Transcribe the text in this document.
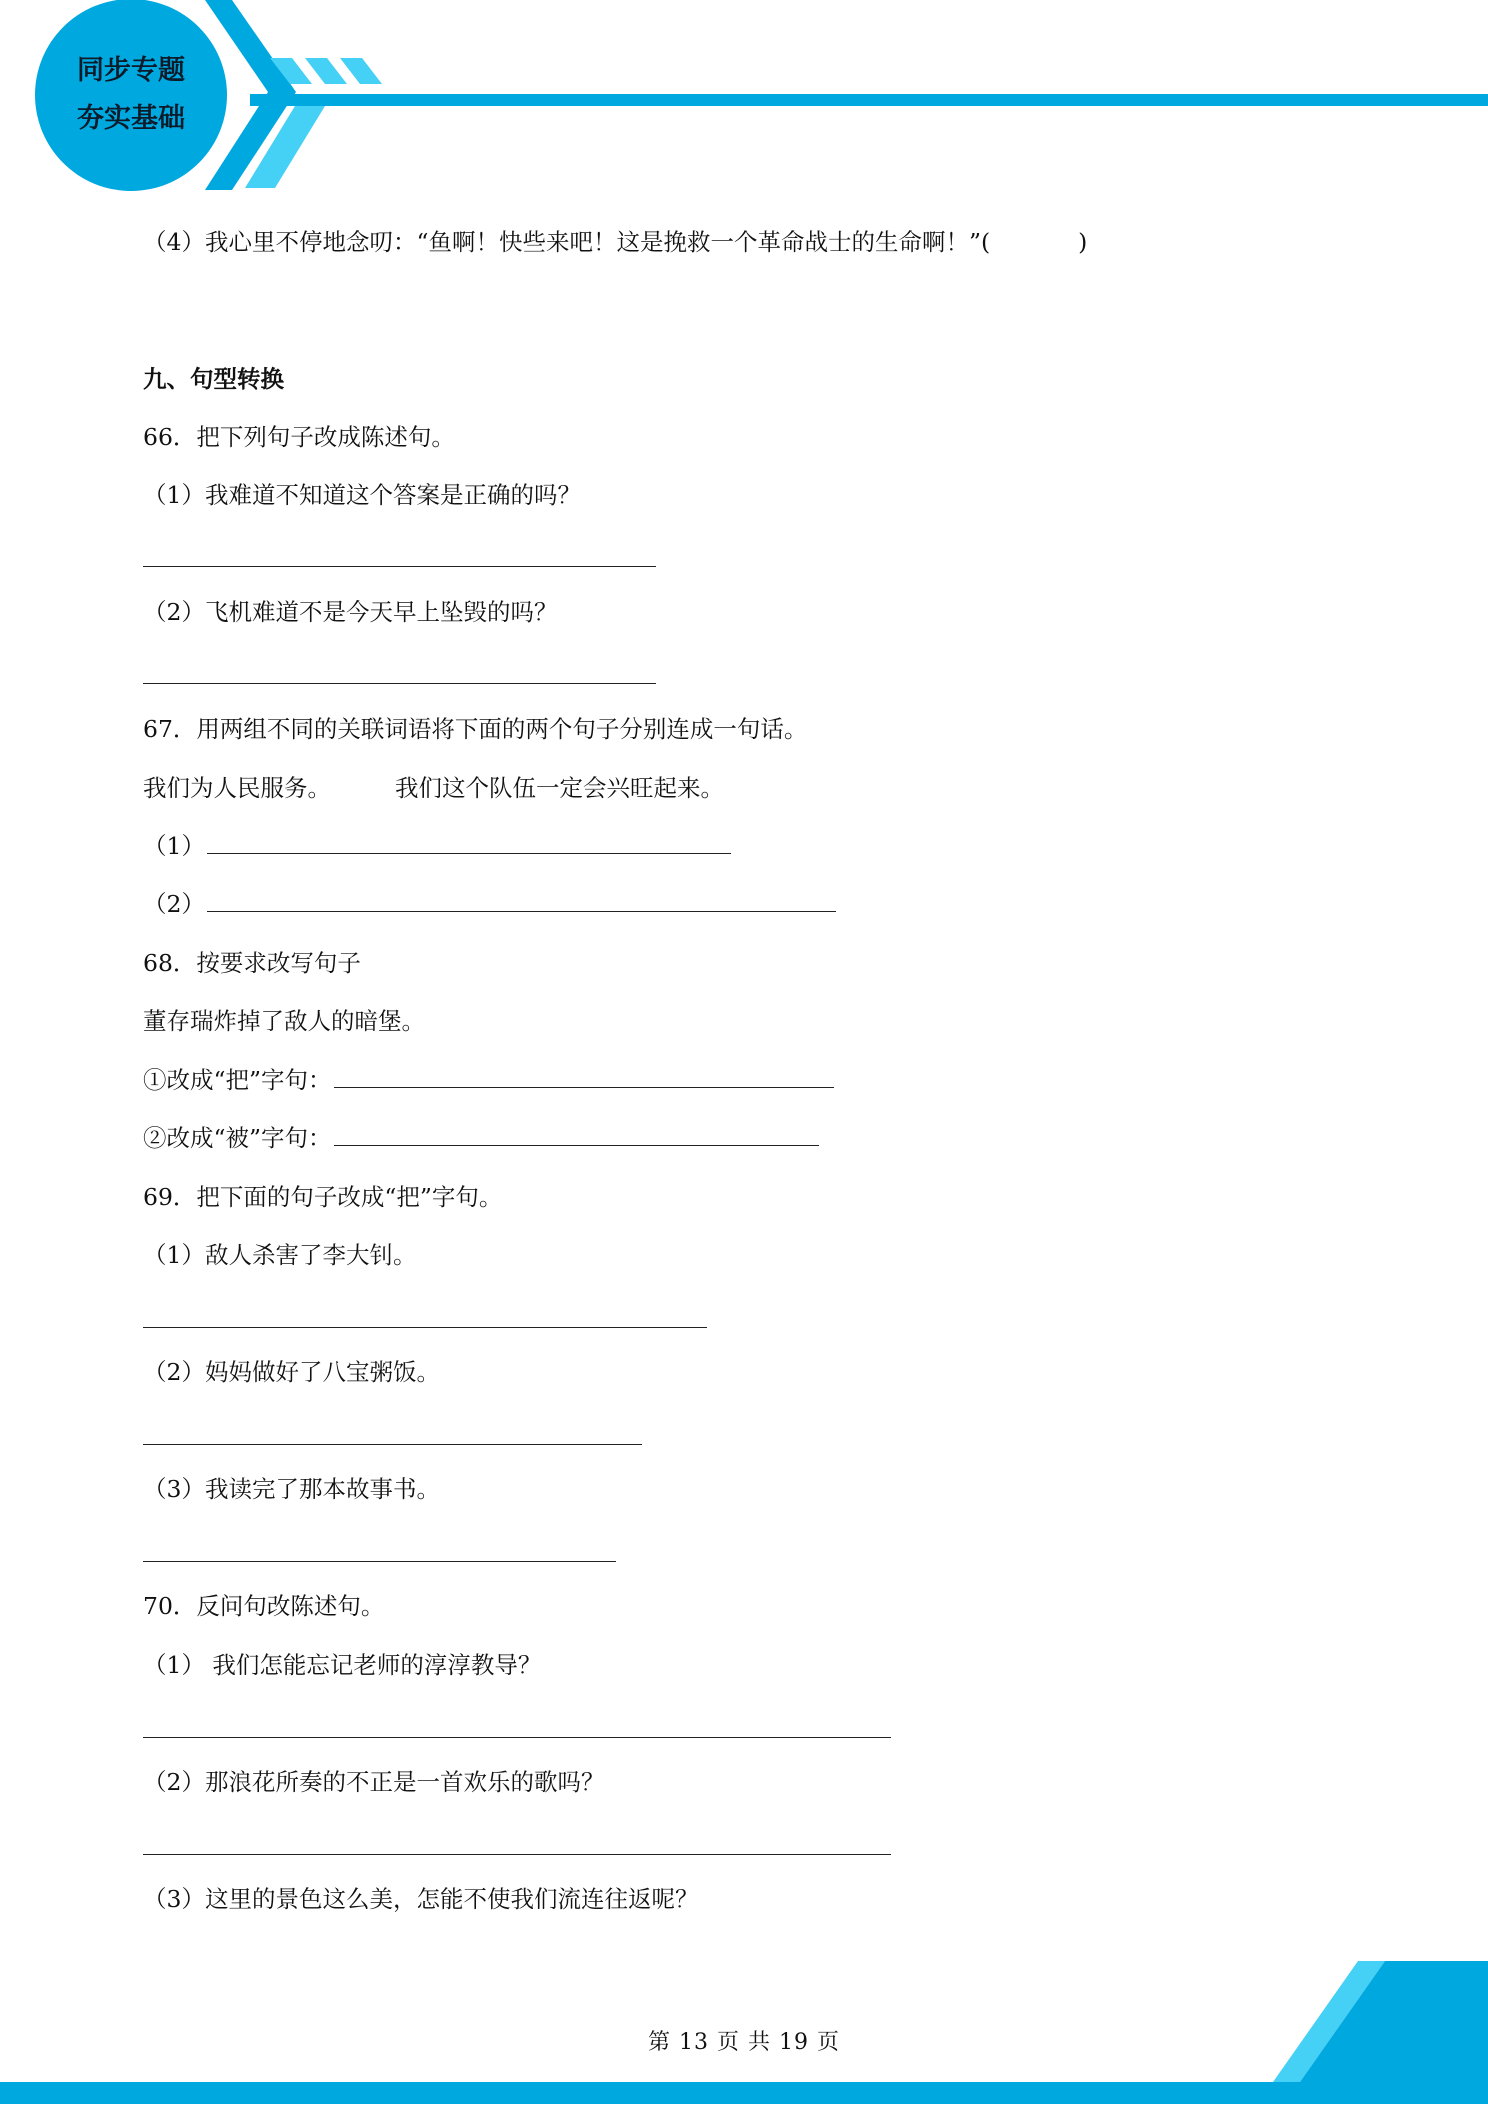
同步专题
夯实基础
（4）我心里不停地念叨：“鱼啊！快些来吧！这是挽救一个革命战士的生命啊！”(	)
九、句型转换
66．把下列句子改成陈述句。
（1）我难道不知道这个答案是正确的吗？
（2）飞机难道不是今天早上坠毁的吗？
67．用两组不同的关联词语将下面的两个句子分别连成一句话。
我们为人民服务。	我们这个队伍一定会兴旺起来。
（1）
（2）
68．按要求改写句子
董存瑞炸掉了敌人的暗堡。
①改成“把”字句：
②改成“被”字句：
69．把下面的句子改成“把”字句。
（1）敌人杀害了李大钊。
（2）妈妈做好了八宝粥饭。
（3）我读完了那本故事书。
70．反问句改陈述句。
（1） 我们怎能忘记老师的淳淳教导？
（2）那浪花所奏的不正是一首欢乐的歌吗？
（3）这里的景色这么美，怎能不使我们流连往返呢？
第 13 页 共 19 页
